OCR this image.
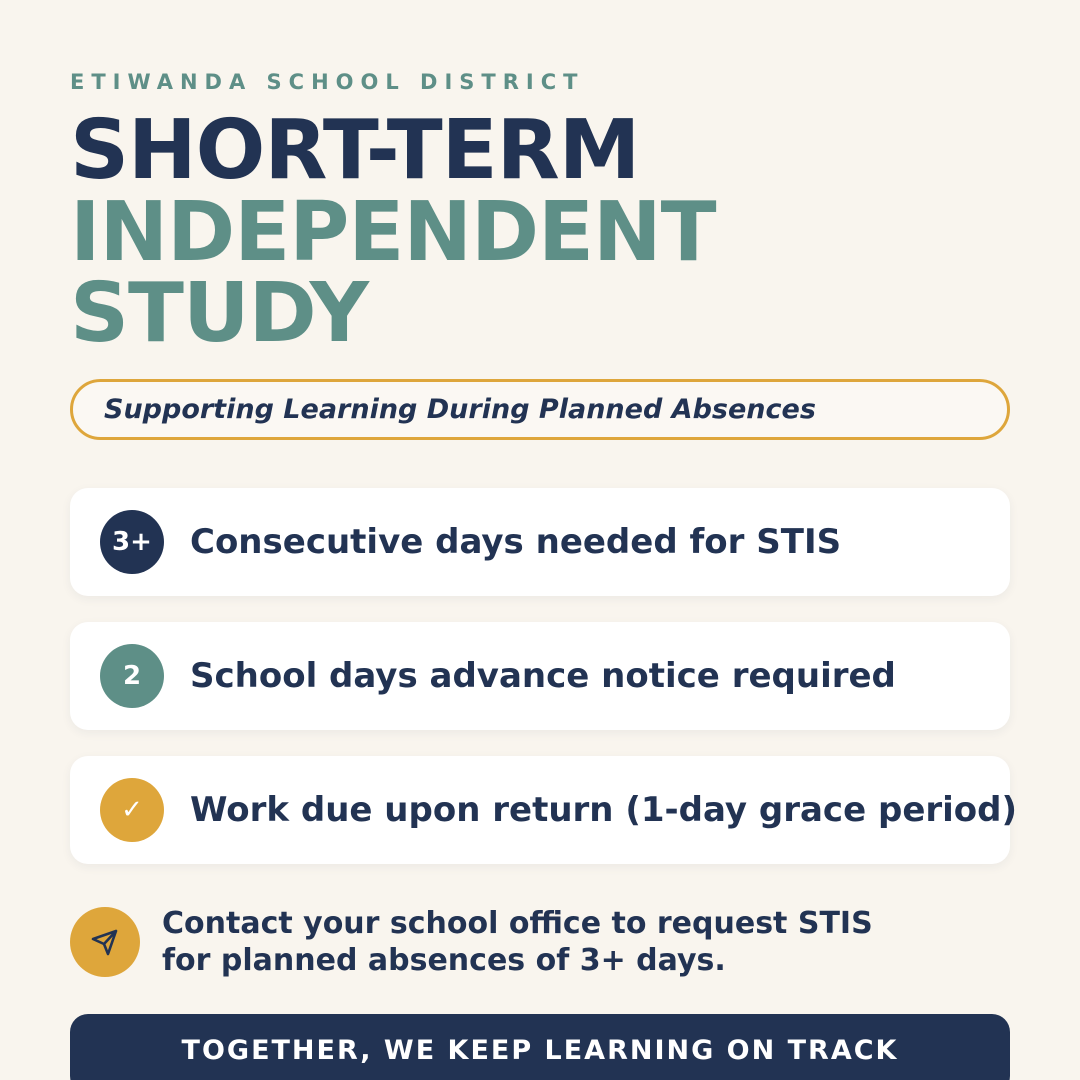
ETIWANDA SCHOOL DISTRICT
SHORT-TERM
INDEPENDENT
STUDY
Supporting Learning During Planned Absences
3+	Consecutive days needed for STIS
2	School days advance notice required
✓	Work due upon return (1-day grace period)
Contact your school office to request STIS
for planned absences of 3+ days.
TOGETHER, WE KEEP LEARNING ON TRACK
